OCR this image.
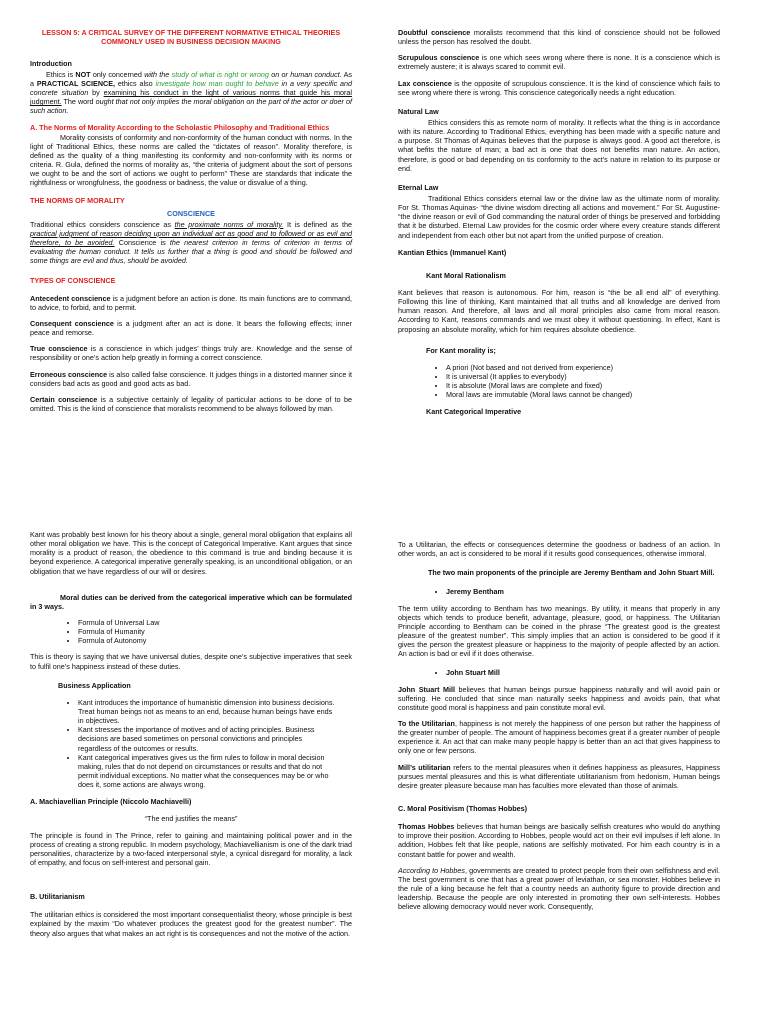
LESSON 5: A CRITICAL SURVEY OF THE DIFFERENT NORMATIVE ETHICAL THEORIES COMMONLY USED IN BUSINESS DECISION MAKING
Introduction

Ethics is NOT only concerned with the study of what is right or wrong on or human conduct. As a PRACTICAL SCIENCE, ethics also investigate how man ought to behave in a very specific and concrete situation by examining his conduct in the light of various norms that guide his moral judgment. The word ought that not only implies the moral obligation on the part of the actor or doer of such action.

A. The Norms of Morality According to the Scholastic Philosophy and Traditional Ethics

Morality consists of conformity and non-conformity of the human conduct with norms. In the light of Traditional Ethics, these norms are called the “dictates of reason”. Morality therefore, is defined as the quality of a thing manifesting its conformity and non-conformity with its norms or criteria. R. Gula, defined the norms of morality as, “the criteria of judgment about the sort of persons we ought to be and the sort of actions we ought to perform” These are standards that indicate the rightfulness or wrongfulness, the goodness or badness, the value or disvalue of a thing.

THE NORMS OF MORALITY
CONSCIENCE

Traditional ethics considers conscience as the proximate norms of morality. It is defined as the practical judgment of reason deciding upon an individual act as good and to followed or as evil and therefore, to be avoided. Conscience is the nearest criterion in terms of criterion in terms of evaluating the human conduct. It tells us further that a thing is good and should be followed and some things are evil and thus, should be avoided.

TYPES OF CONSCIENCE

Antecedent conscience is a judgment before an action is done. Its main functions are to command, to advice, to forbid, and to permit.

Consequent conscience is a judgment after an act is done. It bears the following effects; inner peace and remorse.

True conscience is a conscience in which judges’ things truly are. Knowledge and the sense of responsibility or one’s action help greatly in forming a correct conscience.

Erroneous conscience is also called false conscience. It judges things in a distorted manner since it considers bad acts as good and good acts as bad.

Certain conscience is a subjective certainly of legality of particular actions to be done of to be omitted. This is the kind of conscience that moralists recommend to be always followed by man.

Doubtful conscience moralists recommend that this kind of conscience should not be followed unless the person has resolved the doubt.

Scrupulous conscience is one which sees wrong where there is none. It is a conscience which is extremely austere; it is always scared to commit evil.

Lax conscience is the opposite of scrupulous conscience. It is the kind of conscience which fails to see wrong where there is wrong. This conscience categorically needs a right education.

Natural Law

Ethics considers this as remote norm of morality. It reflects what the thing is in accordance with its nature. According to Traditional Ethics, everything has been made with a specific nature and a purpose. St Thomas of Aquinas believes that the purpose is always good. A good act therefore, is what befits the nature of man; a bad act is one that does not benefits man nature. An action, therefore, is good or bad depending on tis conformity to the act’s nature in relation to its purpose or end.

Eternal Law

Traditional Ethics considers eternal law or the divine law as the ultimate norm of morality. For St. Thomas Aquinas- “the divine wisdom directing all actions and movement.” For St. Augustine- “the divine reason or evil of God commanding the natural order of things be preserved and forbidding that it be disturbed. Eternal Law provides for the cosmic order where every creature stands different and independent from each other but not apart from the unified purpose of creation.

Kantian Ethics (Immanuel Kant)
Kant Moral Rationalism

Kant believes that reason is autonomous. For him, reason is “the be all end all” of everything. Following this line of thinking, Kant maintained that all truths and all knowledge are derived from human reason. And therefore, all laws and all moral principles also came from moral reason. According to Kant, reasons commands and we must obey it without questioning. In effect, Kant is proposing an absolute morality, which for him requires absolute obedience.

For Kant morality is;
• A priori (Not based and not derived from experience)
• It is universal (It applies to everybody)
• It is absolute (Moral laws are complete and fixed)
• Moral laws are immutable (Moral laws cannot be changed)
Kant Categorical Imperative

Kant was probably best known for his theory about a single, general moral obligation that explains all other moral obligation we have. This is the concept of Categorical Imperative. Kant argues that since morality is a product of reason, the obedience to this command is true and binding because it is beyond experience. A categorical imperative generally speaking, is an unconditional obligation, or an obligation that we have regardless of our will or desires.

Moral duties can be derived from the categorical imperative which can be formulated in 3 ways.

• Formula of Universal Law
• Formula of Humanity
• Formula of Autonomy

This is theory is saying that we have universal duties, despite one’s subjective imperatives that seek to fulfil one’s happiness instead of these duties.

Business Application
• Kant introduces the importance of humanistic dimension into business decisions. Treat human beings not as means to an end, because human beings have ends in objectives.
• Kant stresses the importance of motives and of acting principles. Business decisions are based sometimes on personal convictions and principles regardless of the outcomes or results.
• Kant categorical imperatives gives us the firm rules to follow in moral decision making, rules that do not depend on circumstances or results and that do not permit individual exceptions. No matter what the consequences may be or who does it, some actions are always wrong.
A. Machiavellian Principle (Niccolo Machiavelli)

“The end justifies the means”

The principle is found in The Prince, refer to gaining and maintaining political power and in the process of creating a strong republic. In modern psychology, Machiavellianism is one of the dark triad personalities, characterize by a two-faced interpersonal style, a cynical disregard for morality, a lack of empathy, and focus on self-interest and personal gain.

B. Utilitarianism

The utilitarian ethics is considered the most important consequentialist theory, whose principle is best explained by the maxim “Do whatever produces the greatest good for the greatest number”. The theory also argues that what makes an act right is tis consequences and not the motive of the action.

To a Utilitarian, the effects or consequences determine the goodness or badness of an action. In other words, an act is considered to be moral if it results good consequences, otherwise immoral.

The two main proponents of the principle are Jeremy Bentham and John Stuart Mill.

• Jeremy Bentham

The term utility according to Bentham has two meanings. By utility, it means that properly in any objects which tends to produce benefit, advantage, pleasure, good, or happiness. The Utilitarian Principle according to Bentham can be coined in the phrase “The greatest good is the greatest pleasure of the greatest number”. This simply implies that an action is considered to be good if it gives the person the greatest pleasure or happiness to the majority of people affected by an action. An action is bad or evil if it does otherwise.

• John Stuart Mill

John Stuart Mill believes that human beings pursue happiness naturally and will avoid pain or suffering. He concluded that since man naturally seeks happiness and avoids pain, that what constitute good moral is happiness and pain constitute moral evil.

To the Utilitarian, happiness is not merely the happiness of one person but rather the happiness of the greater number of people. The amount of happiness becomes great if a greater number of people experience it. An act that can make many people happy is better than an act that gives happiness to only one or few persons.

Mill’s utilitarian refers to the mental pleasures when it defines happiness as pleasures, Happiness pursues mental pleasures and this is what differentiate utilitarianism from hedonism, Human beings desire greater pleasure because man has faculties more elevated than those of animals.

C. Moral Positivism (Thomas Hobbes)

Thomas Hobbes believes that human beings are basically selfish creatures who would do anything to improve their position. According to Hobbes, people would act on their evil impulses if left alone. In addition, Hobbes felt that like people, nations are selfishly motivated. For him each country is in a constant battle for power and wealth.

According to Hobbes, governments are created to protect people from their own selfishness and evil. The best government is one that has a great power of leviathan, or sea monster. Hobbes believe in the rule of a king because he felt that a country needs an authority figure to provide direction and leadership. Because the people are only interested in promoting their own self-interests. Hobbes believe allowing democracy would never work. Consequently,
